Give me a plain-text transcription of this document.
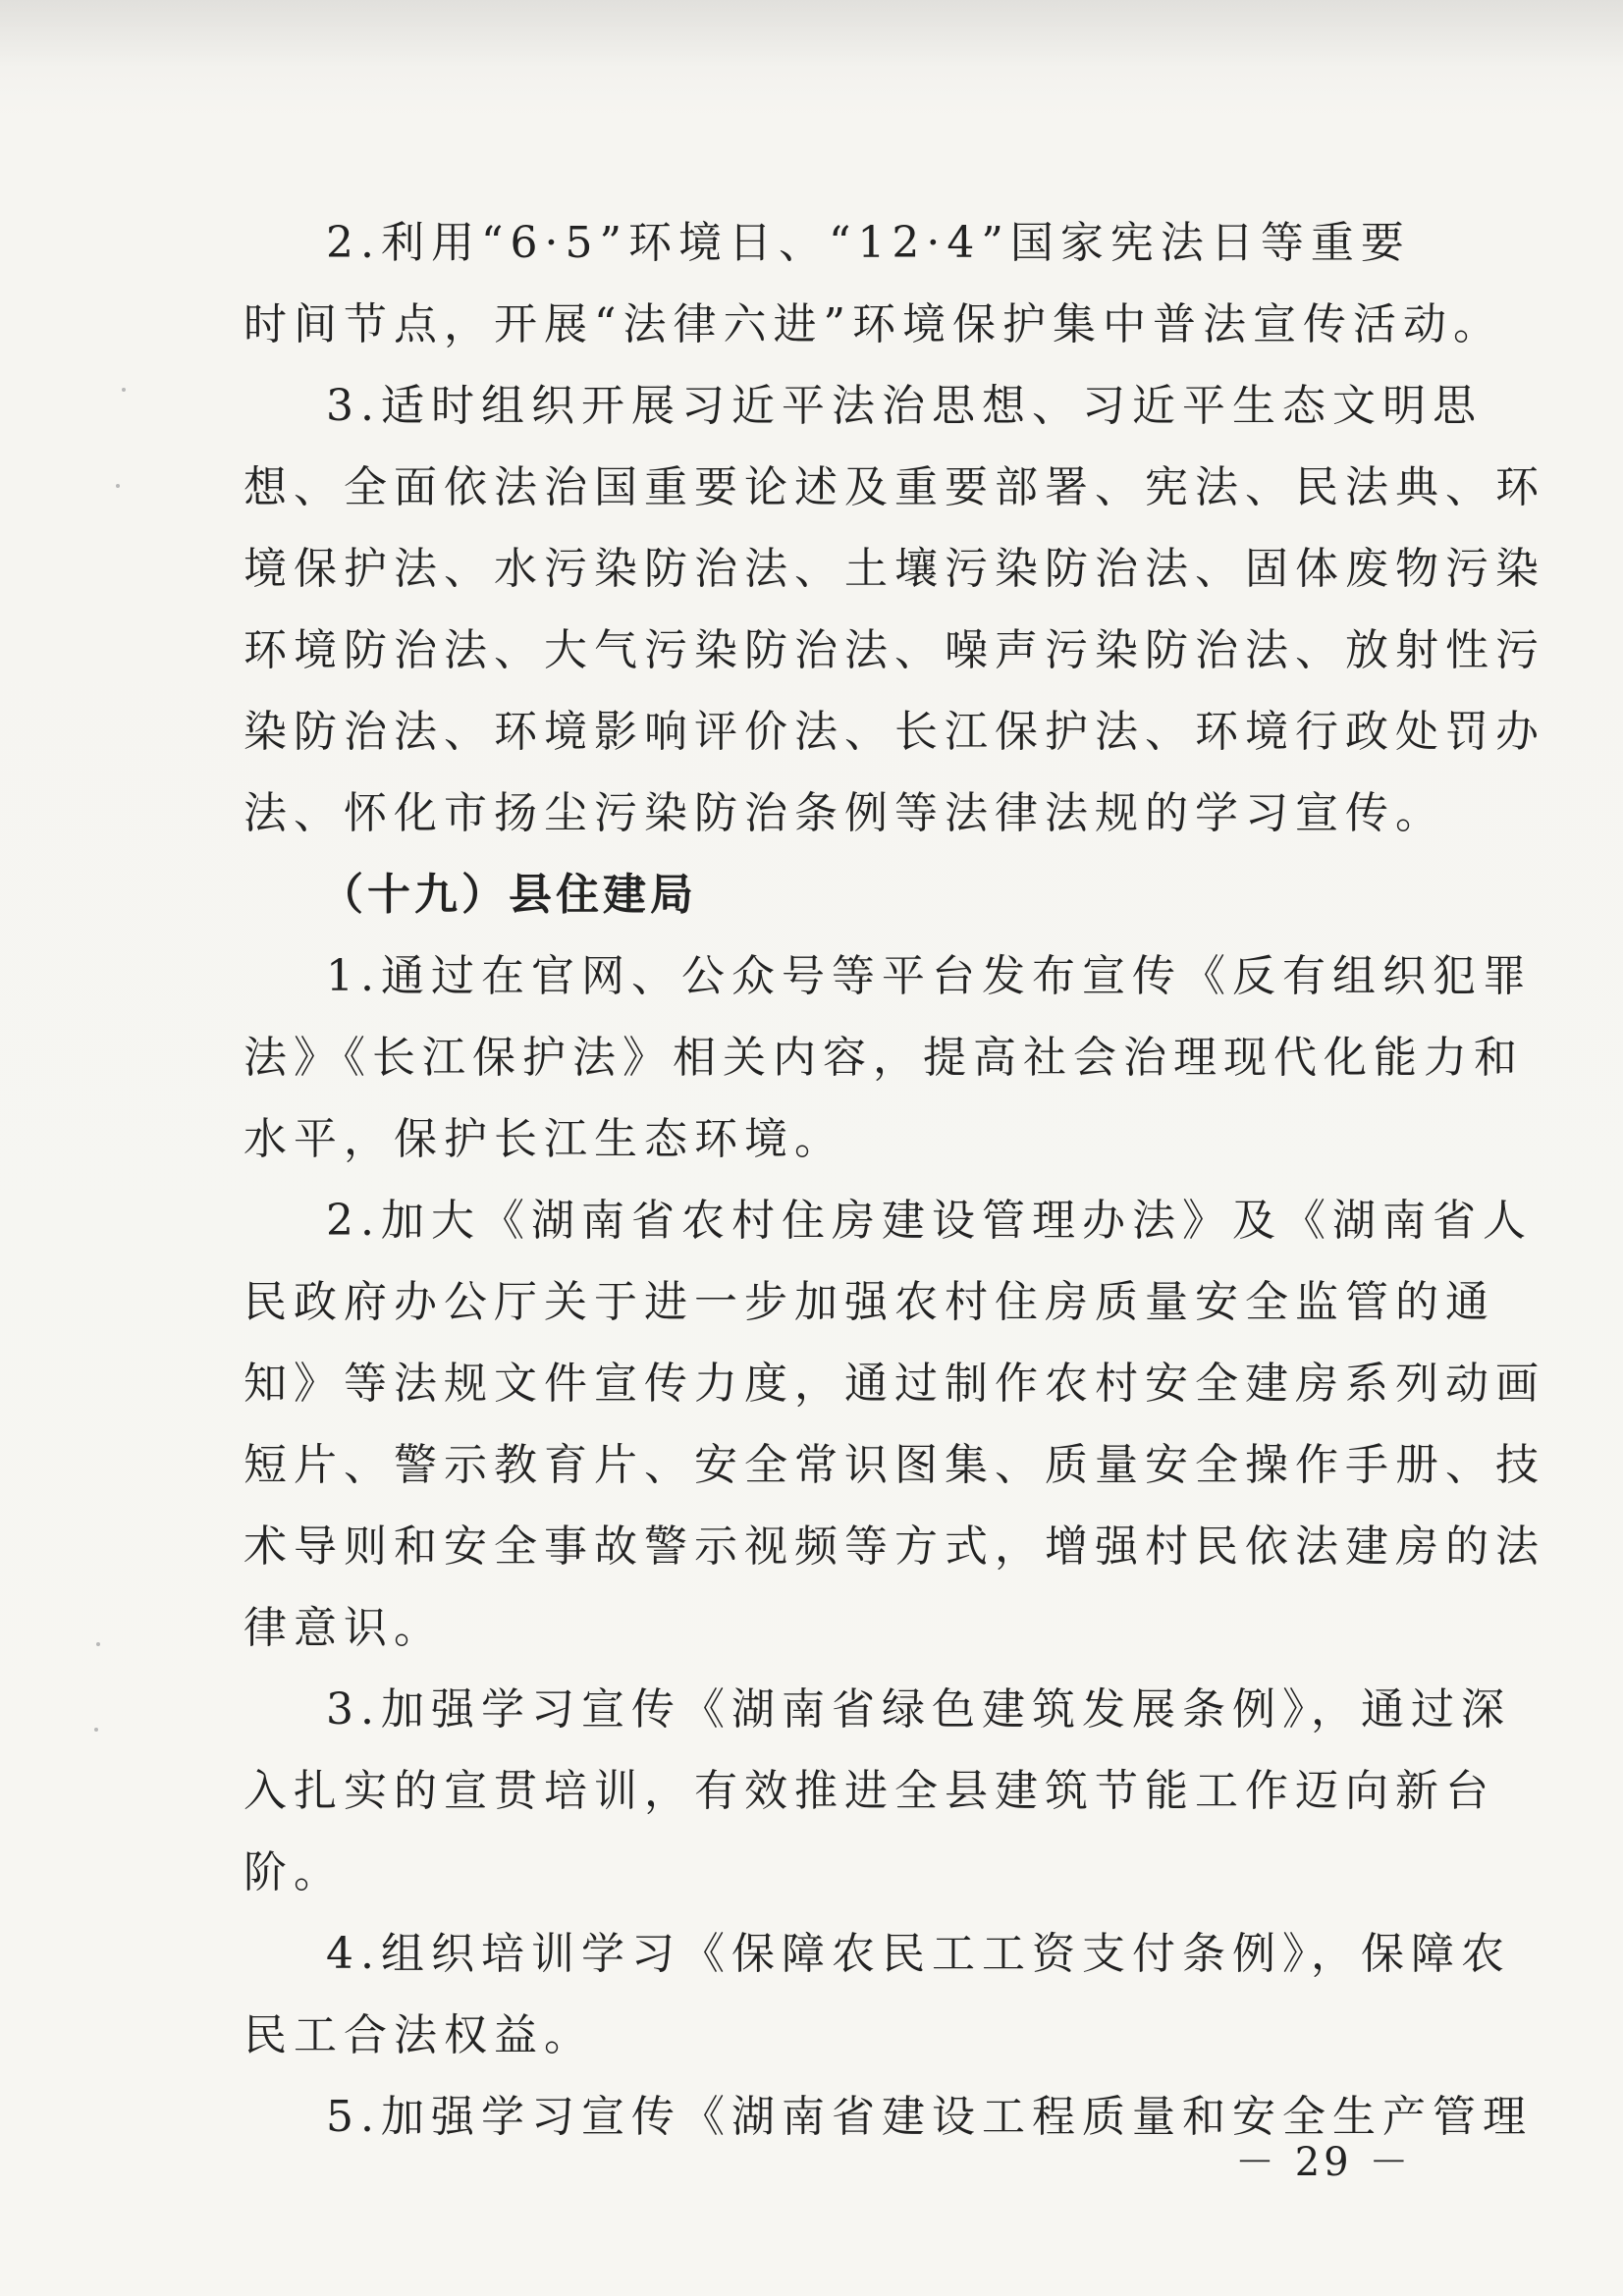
2.利用“6·5”环境日、“12·4”国家宪法日等重要
时间节点，开展“法律六进”环境保护集中普法宣传活动。
3.适时组织开展习近平法治思想、习近平生态文明思
想、全面依法治国重要论述及重要部署、宪法、民法典、环
境保护法、水污染防治法、土壤污染防治法、固体废物污染
环境防治法、大气污染防治法、噪声污染防治法、放射性污
染防治法、环境影响评价法、长江保护法、环境行政处罚办
法、怀化市扬尘污染防治条例等法律法规的学习宣传。
（十九）县住建局
1.通过在官网、公众号等平台发布宣传《反有组织犯罪
法》《长江保护法》相关内容，提高社会治理现代化能力和
水平，保护长江生态环境。
2.加大《湖南省农村住房建设管理办法》及《湖南省人
民政府办公厅关于进一步加强农村住房质量安全监管的通
知》等法规文件宣传力度，通过制作农村安全建房系列动画
短片、警示教育片、安全常识图集、质量安全操作手册、技
术导则和安全事故警示视频等方式，增强村民依法建房的法
律意识。
3.加强学习宣传《湖南省绿色建筑发展条例》，通过深
入扎实的宣贯培训，有效推进全县建筑节能工作迈向新台
阶。
4.组织培训学习《保障农民工工资支付条例》，保障农
民工合法权益。
5.加强学习宣传《湖南省建设工程质量和安全生产管理
－ 29 －
